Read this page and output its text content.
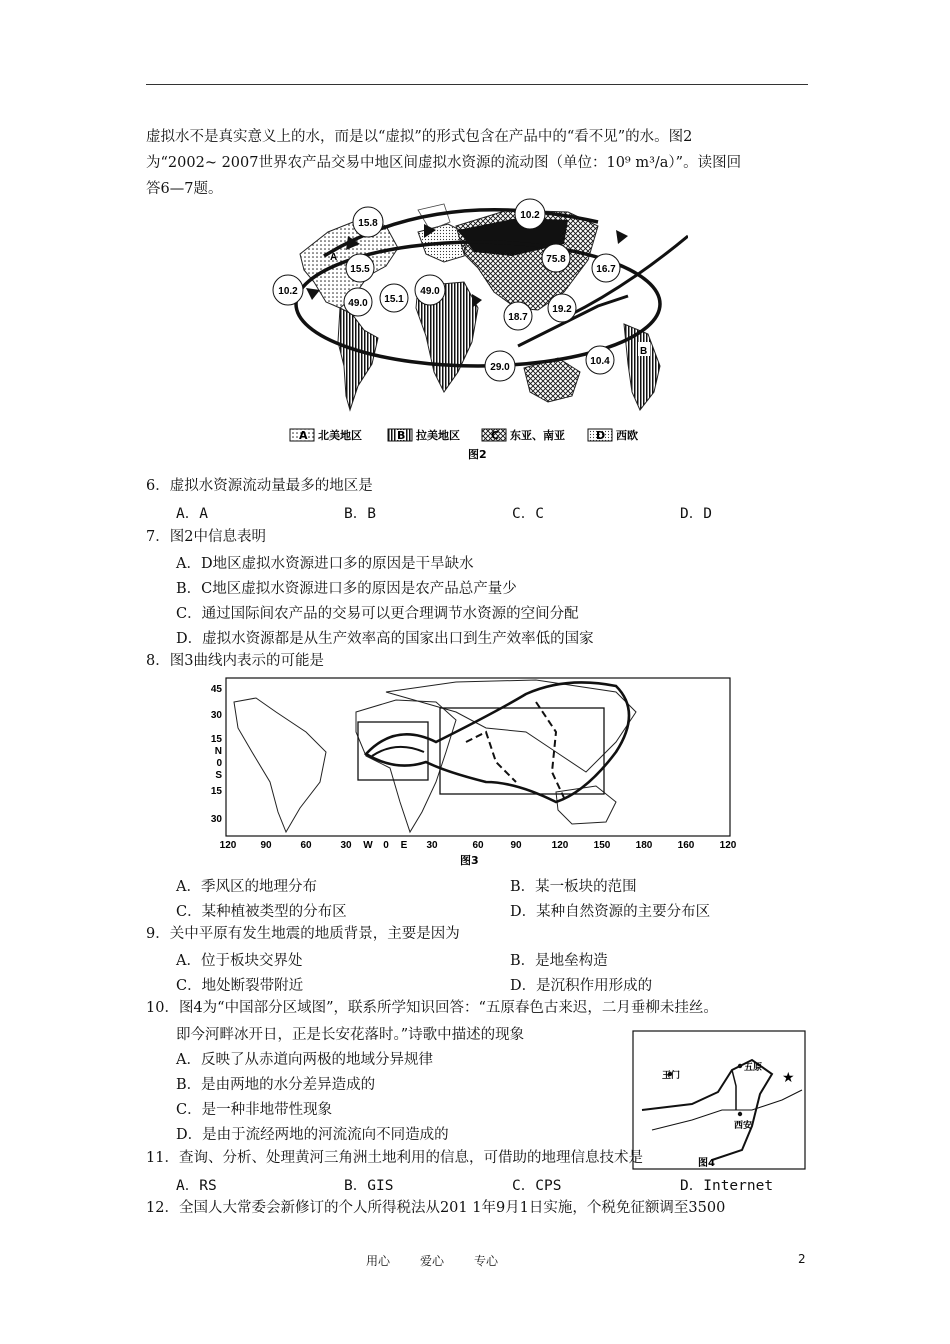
虚拟水不是真实意义上的水，而是以“虚拟”的形式包含在产品中的“看不见”的水。图2
为“2002~ 2007世界农产品交易中地区间虚拟水资源的流动图（单位：10⁹ m³/a）”。读图回
答6—7题。
15.8
10.2
75.8
16.7
10.2
15.5
49.0 15.1
49.0
19.2
18.7
29.0
10.4
A
B
A 北美地区	B 拉美地区	C 东亚、南亚	D 西欧
图2
6．虚拟水资源流动量最多的地区是
A．A	B．B	C．C	D．D
7．图2中信息表明
A．D地区虚拟水资源进口多的原因是干旱缺水
B．C地区虚拟水资源进口多的原因是农产品总产量少
C．通过国际间农产品的交易可以更合理调节水资源的空间分配
D．虚拟水资源都是从生产效率高的国家出口到生产效率低的国家
8．图3曲线内表示的可能是
45
30
15
N
0
S
15
30
120 90	60	30 W 0 E 30	60	90	120	150	180	160	120
图3
A．季风区的地理分布	B．某一板块的范围
C．某种植被类型的分布区	D．某种自然资源的主要分布区
9．关中平原有发生地震的地质背景，主要是因为
A．位于板块交界处	B．是地垒构造
C．地处断裂带附近	D．是沉积作用形成的
10．图4为“中国部分区域图”，联系所学知识回答：“五原春色古来迟，二月垂柳未挂丝。
即今河畔冰开日，正是长安花落时。”诗歌中描述的现象
A．反映了从赤道向两极的地域分异规律
B．是由两地的水分差异造成的
C．是一种非地带性现象
D．是由于流经两地的河流流向不同造成的
★
玉门
五原
西安
图4
11．查询、分析、处理黄河三角洲土地利用的信息，可借助的地理信息技术是
A．RS	B．GIS	C．CPS	D．Internet
12．全国人大常委会新修订的个人所得税法从201 1年9月1日实施，个税免征额调至3500
用心 爱心 专心	2
